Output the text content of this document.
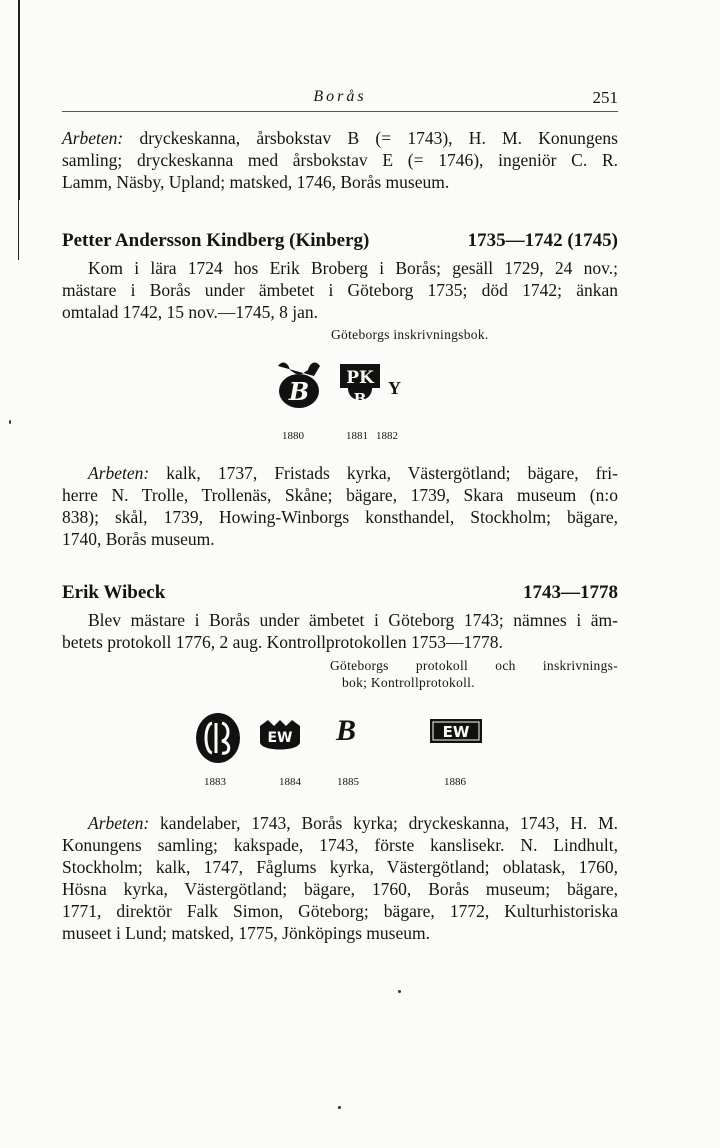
Borås	251
Arbeten: dryckeskanna, årsbokstav B (= 1743), H. M. Konungens
samling; dryckeskanna med årsbokstav E (= 1746), ingeniör C. R.
Lamm, Näsby, Upland; matsked, 1746, Borås museum.
Petter Andersson Kindberg (Kinberg)	1735—1742 (1745)
Kom i lära 1724 hos Erik Broberg i Borås; gesäll 1729, 24 nov.;
mästare i Borås under ämbetet i Göteborg 1735; död 1742; änkan
omtalad 1742, 15 nov.—1745, 8 jan.
Göteborgs inskrivningsbok.
B PK
B
Y
1880	1881 1882
Arbeten: kalk, 1737, Fristads kyrka, Västergötland; bägare, fri-
herre N. Trolle, Trollenäs, Skåne; bägare, 1739, Skara museum (n:o
838); skål, 1739, Howing-Winborgs konsthandel, Stockholm; bägare,
1740, Borås museum.
Erik Wibeck	1743—1778
Blev mästare i Borås under ämbetet i Göteborg 1743; nämnes i äm-
betets protokoll 1776, 2 aug. Kontrollprotokollen 1753—1778.
Göteborgs protokoll och inskrivnings-
bok; Kontrollprotokoll.
EW B	EW
1883	1884	1885	1886
Arbeten: kandelaber, 1743, Borås kyrka; dryckeskanna, 1743, H. M.
Konungens samling; kakspade, 1743, förste kanslisekr. N. Lindhult,
Stockholm; kalk, 1747, Fåglums kyrka, Västergötland; oblatask, 1760,
Hösna kyrka, Västergötland; bägare, 1760, Borås museum; bägare,
1771, direktör Falk Simon, Göteborg; bägare, 1772, Kulturhistoriska
museet i Lund; matsked, 1775, Jönköpings museum.
